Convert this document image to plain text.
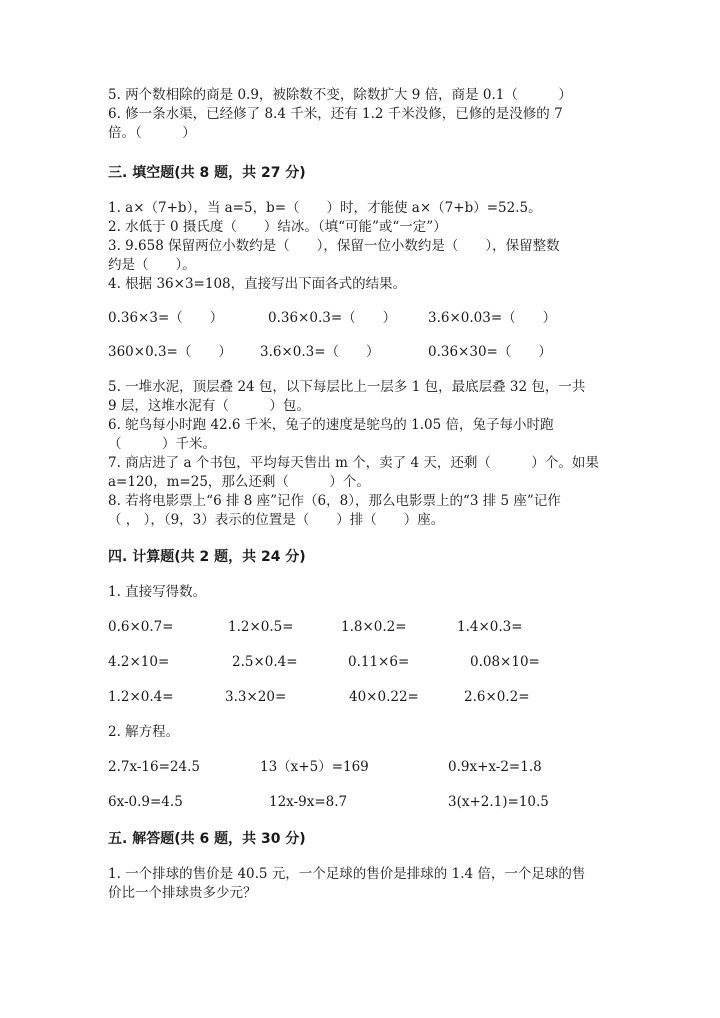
5. 两个数相除的商是 0.9，被除数不变，除数扩大 9 倍，商是 0.1（　　　）
6. 修一条水渠，已经修了 8.4 千米，还有 1.2 千米没修，已修的是没修的 7
倍。（　　　）
三. 填空题(共 8 题，共 27 分)
1. a×（7+b），当 a=5，b=（　　）时，才能使 a×（7+b）=52.5。
2. 水低于 0 摄氏度（　　）结冰。（填“可能”或“一定”）
3. 9.658 保留两位小数约是（　　），保留一位小数约是（　　），保留整数
约是（　　）。
4. 根据 36×3=108，直接写出下面各式的结果。
0.36×3=（　　）	0.36×0.3=（　　）	3.6×0.03=（　　）
360×0.3=（　　）	3.6×0.3=（　　）	0.36×30=（　　）
5. 一堆水泥，顶层叠 24 包，以下每层比上一层多 1 包，最底层叠 32 包，一共
9 层，这堆水泥有（　　　）包。
6. 鸵鸟每小时跑 42.6 千米，兔子的速度是鸵鸟的 1.05 倍，兔子每小时跑
（　　　）千米。
7. 商店进了 a 个书包，平均每天售出 m 个，卖了 4 天，还剩（　　　）个。如果
a=120，m=25，那么还剩（　　　）个。
8. 若将电影票上“6 排 8 座”记作（6，8），那么电影票上的“3 排 5 座”记作
（ ， ），（9，3）表示的位置是（　　）排（　　）座。
四. 计算题(共 2 题，共 24 分)
1. 直接写得数。
0.6×0.7=	1.2×0.5=	1.8×0.2=	1.4×0.3=
4.2×10=	2.5×0.4=	0.11×6=	0.08×10=
1.2×0.4=	3.3×20=	40×0.22=	2.6×0.2=
2. 解方程。
2.7x-16=24.5	13（x+5）=169	0.9x+x-2=1.8
6x-0.9=4.5	12x-9x=8.7	3(x+2.1)=10.5
五. 解答题(共 6 题，共 30 分)
1. 一个排球的售价是 40.5 元，一个足球的售价是排球的 1.4 倍，一个足球的售
价比一个排球贵多少元？
